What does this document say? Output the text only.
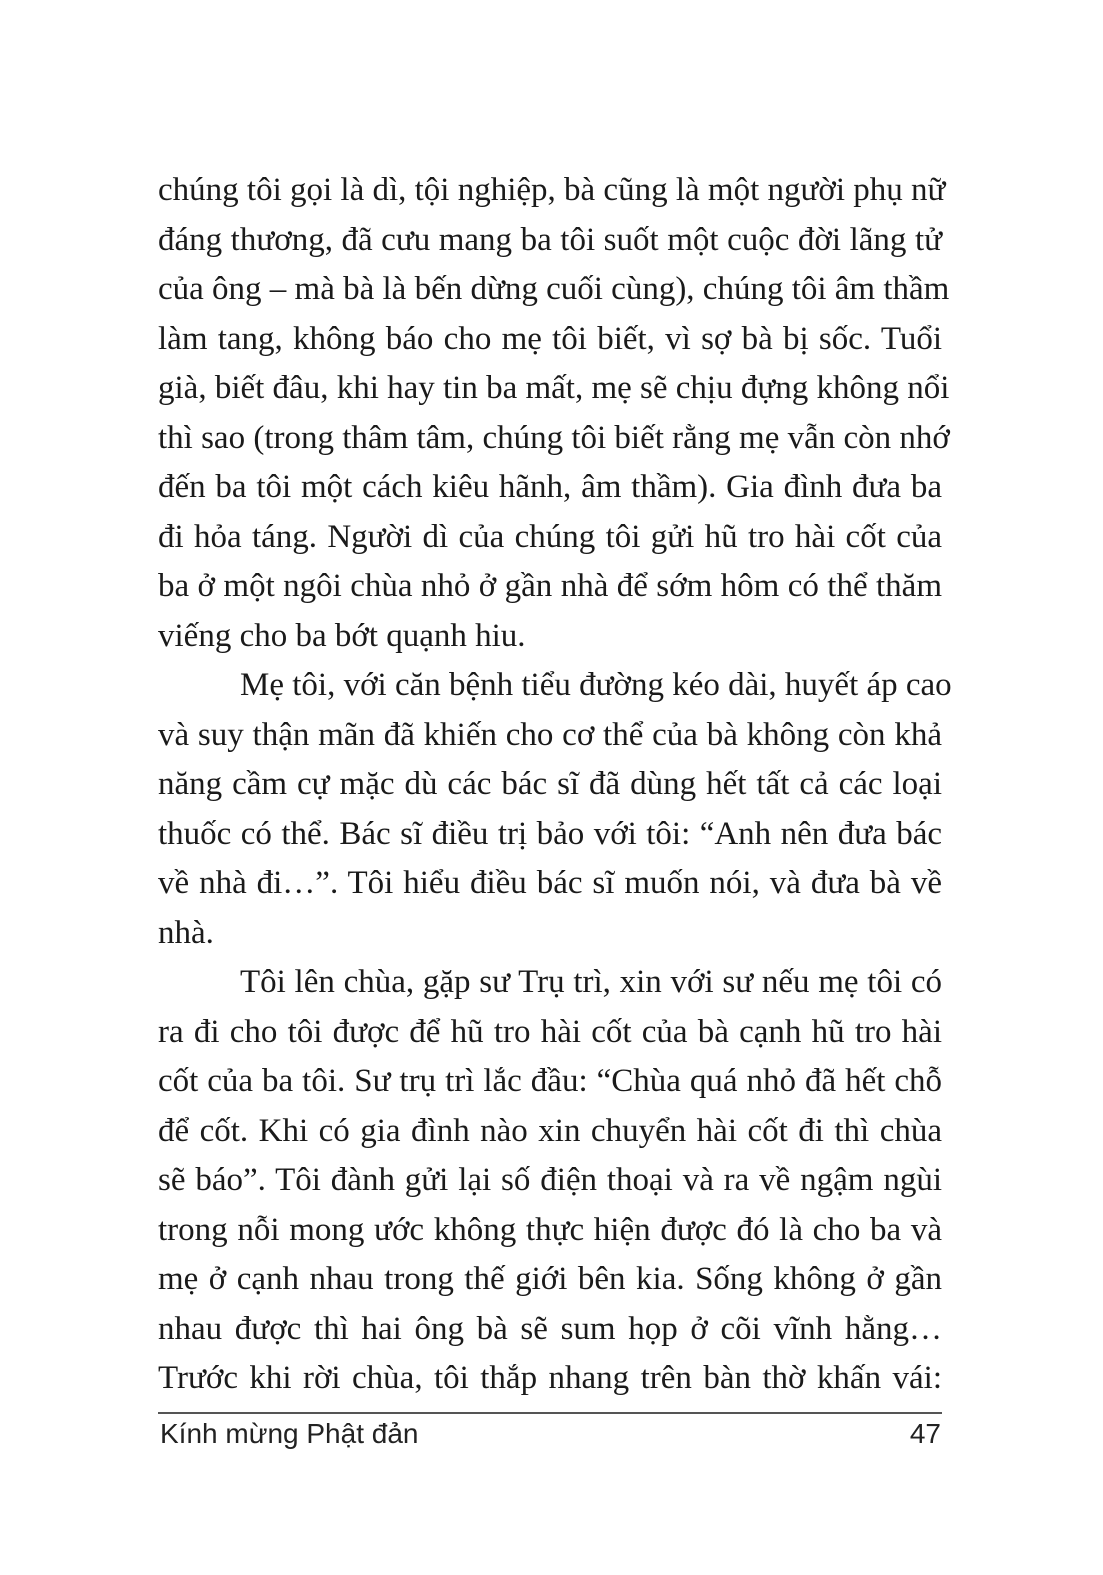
chúng tôi gọi là dì, tội nghiệp, bà cũng là một người phụ nữ
đáng thương, đã cưu mang ba tôi suốt một cuộc đời lãng tử
của ông – mà bà là bến dừng cuối cùng), chúng tôi âm thầm
làm tang, không báo cho mẹ tôi biết, vì sợ bà bị sốc. Tuổi
già, biết đâu, khi hay tin ba mất, mẹ sẽ chịu đựng không nổi
thì sao (trong thâm tâm, chúng tôi biết rằng mẹ vẫn còn nhớ
đến ba tôi một cách kiêu hãnh, âm thầm). Gia đình đưa ba
đi hỏa táng. Người dì của chúng tôi gửi hũ tro hài cốt của
ba ở một ngôi chùa nhỏ ở gần nhà để sớm hôm có thể thăm
viếng cho ba bớt quạnh hiu.
Mẹ tôi, với căn bệnh tiểu đường kéo dài, huyết áp cao
và suy thận mãn đã khiến cho cơ thể của bà không còn khả
năng cầm cự mặc dù các bác sĩ đã dùng hết tất cả các loại
thuốc có thể. Bác sĩ điều trị bảo với tôi: “Anh nên đưa bác
về nhà đi…”. Tôi hiểu điều bác sĩ muốn nói, và đưa bà về
nhà.
Tôi lên chùa, gặp sư Trụ trì, xin với sư nếu mẹ tôi có
ra đi cho tôi được để hũ tro hài cốt của bà cạnh hũ tro hài
cốt của ba tôi. Sư trụ trì lắc đầu: “Chùa quá nhỏ đã hết chỗ
để cốt. Khi có gia đình nào xin chuyển hài cốt đi thì chùa
sẽ báo”. Tôi đành gửi lại số điện thoại và ra về ngậm ngùi
trong nỗi mong ước không thực hiện được đó là cho ba và
mẹ ở cạnh nhau trong thế giới bên kia. Sống không ở gần
nhau được thì hai ông bà sẽ sum họp ở cõi vĩnh hằng…
Trước khi rời chùa, tôi thắp nhang trên bàn thờ khấn vái:
Kính mừng Phật đản	47
